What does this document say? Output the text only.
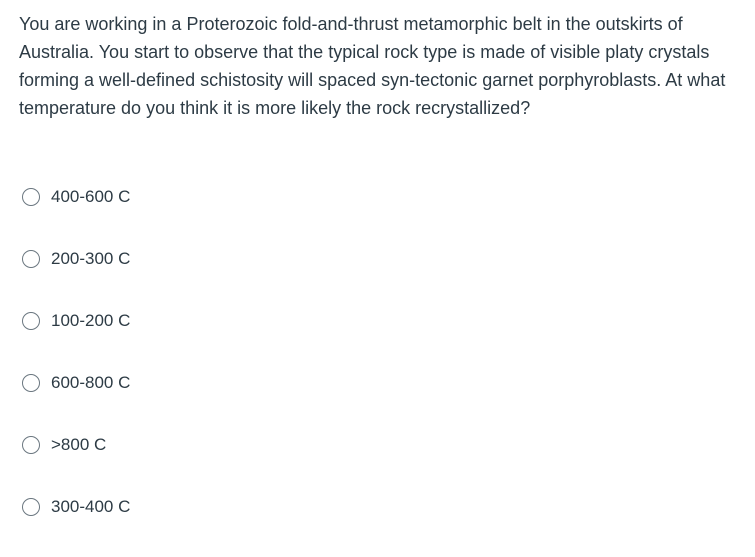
You are working in a Proterozoic fold-and-thrust metamorphic belt in the outskirts of Australia. You start to observe that the typical rock type is made of visible platy crystals forming a well-defined schistosity will spaced syn-tectonic garnet porphyroblasts. At what temperature do you think it is more likely the rock recrystallized?

400-600 C
200-300 C
100-200 C
600-800 C
>800 C
300-400 C
